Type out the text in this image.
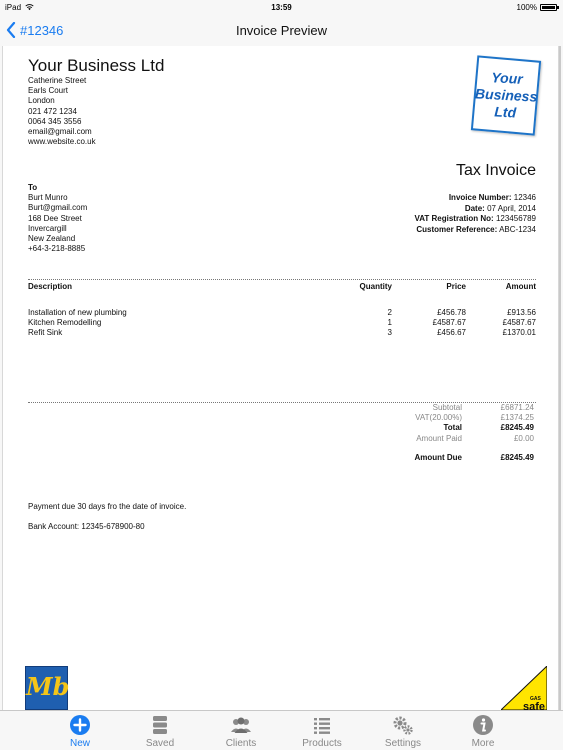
iPad	13:59	100%
#12346	Invoice Preview
Your Business Ltd
Catherine Street
Earls Court
London
021 472 1234
0064 345 3556
email@gmail.com
www.website.co.uk
Your
Business
Ltd
Tax Invoice
To
Burt Munro
Burt@gmail.com
168 Dee Street
Invercargill
New Zealand
+64-3-218-8885
Invoice Number: 12346
Date: 07 April, 2014
VAT Registration No: 123456789
Customer Reference: ABC-1234
Description	Quantity	Price	Amount
Installation of new plumbing	2	£456.78	£913.56
Kitchen Remodelling	1	£4587.67	£4587.67
Refit Sink	3	£456.67	£1370.01
Subtotal	£6871.24
VAT(20.00%)	£1374.25
Total	£8245.49
Amount Paid	£0.00
Amount Due	£8245.49
Payment due 30 days fro the date of invoice.
Bank Account: 12345-678900-80
Mb	GAS
safe
New	Saved	Clients	Products	Settings	More
